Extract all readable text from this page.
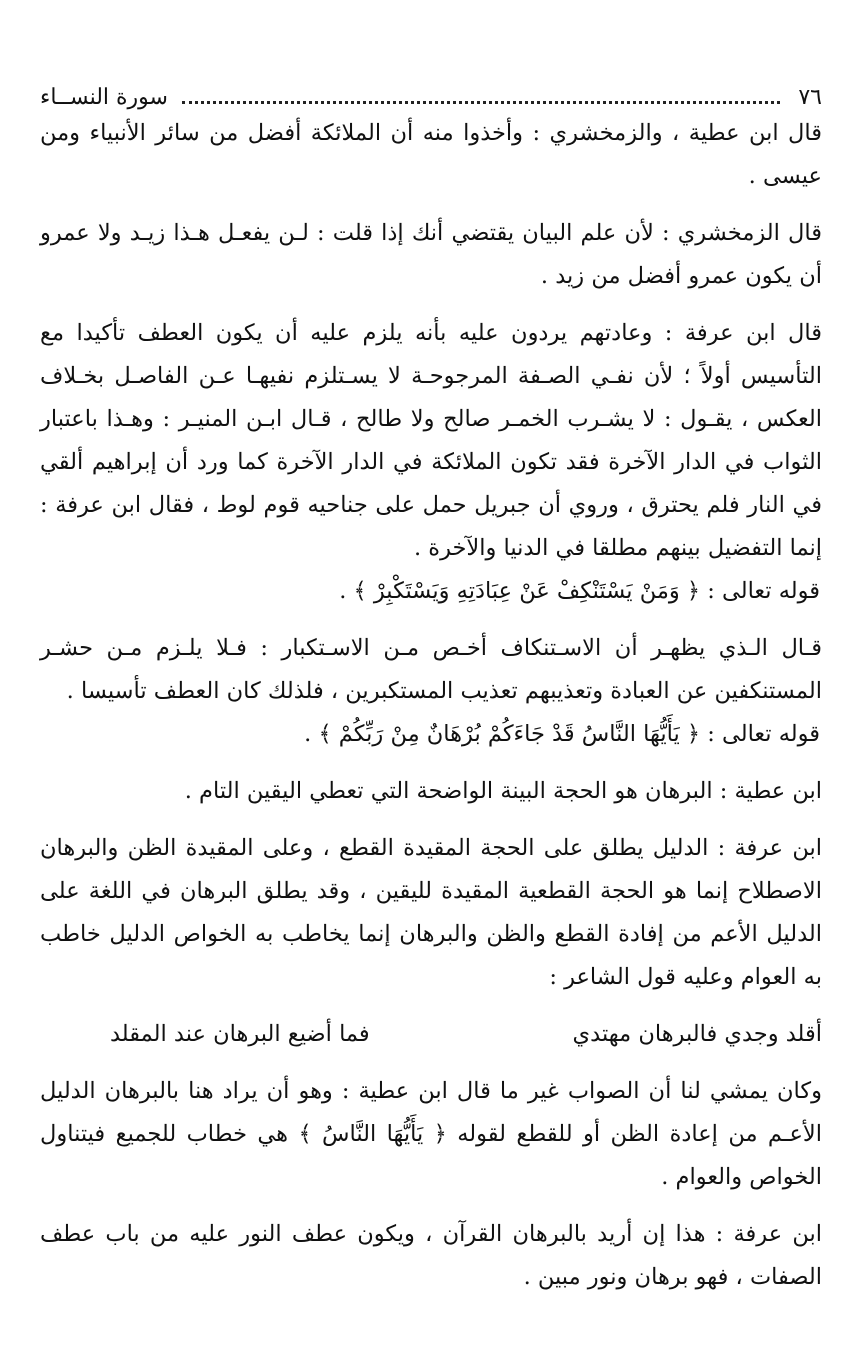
٧٦
سورة النســاء

قال ابن عطية ، والزمخشري : وأخذوا منه أن الملائكة أفضل من سائر الأنبياء ومن عيسى .

قال الزمخشري : لأن علم البيان يقتضي أنك إذا قلت : لـن يفعـل هـذا زيـد ولا عمرو أن يكون عمرو أفضل من زيد .

قال ابن عرفة : وعادتهم يردون عليه بأنه يلزم عليه أن يكون العطف تأكيدا مع التأسيس أولاً ؛ لأن نفـي الصـفة المرجوحـة لا يسـتلزم نفيهـا عـن الفاصـل بخـلاف العكس ، يقـول : لا يشـرب الخمـر صالح ولا طالح ، قـال ابـن المنيـر : وهـذا باعتبار الثواب في الدار الآخرة فقد تكون الملائكة في الدار الآخرة كما ورد أن إبراهيم ألقي في النار فلم يحترق ، وروي أن جبريل حمل على جناحيه قوم لوط ، فقال ابن عرفة : إنما التفضيل بينهم مطلقا في الدنيا والآخرة .

قوله تعالى : ﴿ وَمَنْ يَسْتَنْكِفْ عَنْ عِبَادَتِهِ وَيَسْتَكْبِرْ ﴾ .

قـال الـذي يظهـر أن الاسـتنكاف أخـص مـن الاسـتكبار : فـلا يلـزم مـن حشـر المستنكفين عن العبادة وتعذيبهم تعذيب المستكبرين ، فلذلك كان العطف تأسيسا .

قوله تعالى : ﴿ يَأَيُّهَا النَّاسُ قَدْ جَاءَكُمْ بُرْهَانٌ مِنْ رَبِّكُمْ ﴾ .

ابن عطية : البرهان هو الحجة البينة الواضحة التي تعطي اليقين التام .

ابن عرفة : الدليل يطلق على الحجة المقيدة القطع ، وعلى المقيدة الظن والبرهان الاصطلاح إنما هو الحجة القطعية المقيدة لليقين ، وقد يطلق البرهان في اللغة على الدليل الأعم من إفادة القطع والظن والبرهان إنما يخاطب به الخواص الدليل خاطب به العوام وعليه قول الشاعر :

أقلد وجدي فالبرهان مهتدي
فما أضيع البرهان عند المقلد

وكان يمشي لنا أن الصواب غير ما قال ابن عطية : وهو أن يراد هنا بالبرهان الدليل الأعـم من إعادة الظن أو للقطع لقوله ﴿ يَأَيُّهَا النَّاسُ ﴾ هي خطاب للجميع فيتناول الخواص والعوام .

ابن عرفة : هذا إن أريد بالبرهان القرآن ، ويكون عطف النور عليه من باب عطف الصفات ، فهو برهان ونور مبين .
